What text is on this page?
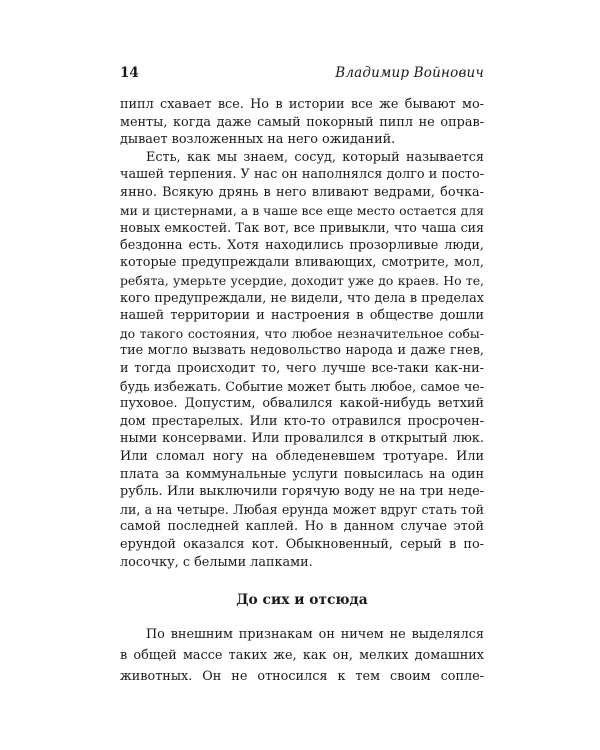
14	Владимир Войнович
пипл схавает все. Но в истории все же бывают мо-
менты, когда даже самый покорный пипл не оправ-
дывает возложенных на него ожиданий.
Есть, как мы знаем, сосуд, который называется
чашей терпения. У нас он наполнялся долго и посто-
янно. Всякую дрянь в него вливают ведрами, бочка-
ми и цистернами, а в чаше все еще место остается для
новых емкостей. Так вот, все привыкли, что чаша сия
бездонна есть. Хотя находились прозорливые люди,
которые предупреждали вливающих, смотрите, мол,
ребята, умерьте усердие, доходит уже до краев. Но те,
кого предупреждали, не видели, что дела в пределах
нашей территории и настроения в обществе дошли
до такого состояния, что любое незначительное собы-
тие могло вызвать недовольство народа и даже гнев,
и тогда происходит то, чего лучше все-таки как-ни-
будь избежать. Событие может быть любое, самое че-
пуховое. Допустим, обвалился какой-нибудь ветхий
дом престарелых. Или кто-то отравился просрочен-
ными консервами. Или провалился в открытый люк.
Или сломал ногу на обледеневшем тротуаре. Или
плата за коммунальные услуги повысилась на один
рубль. Или выключили горячую воду не на три неде-
ли, а на четыре. Любая ерунда может вдруг стать той
самой последней каплей. Но в данном случае этой
ерундой оказался кот. Обыкновенный, серый в по-
лосочку, с белыми лапками.
До сих и отсюда
По внешним признакам он ничем не выделялся
в общей массе таких же, как он, мелких домашних
животных. Он не относился к тем своим сопле-
